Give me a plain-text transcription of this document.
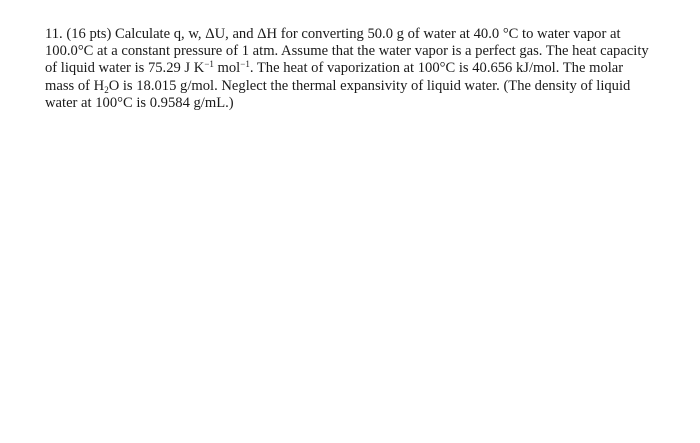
11. (16 pts) Calculate q, w, ΔU, and ΔH for converting 50.0 g of water at 40.0 °C to water vapor at
100.0°C at a constant pressure of 1 atm. Assume that the water vapor is a perfect gas. The heat capacity
of liquid water is 75.29 J $K^{-1}$ mol$^{-1}$. The heat of vaporization at 100°C is 40.656 kJ/mol. The molar
mass of $H_2O$ is 18.015 g/mol. Neglect the thermal expansivity of liquid water. (The density of liquid
water at 100°C is 0.9584 g/mL.)
